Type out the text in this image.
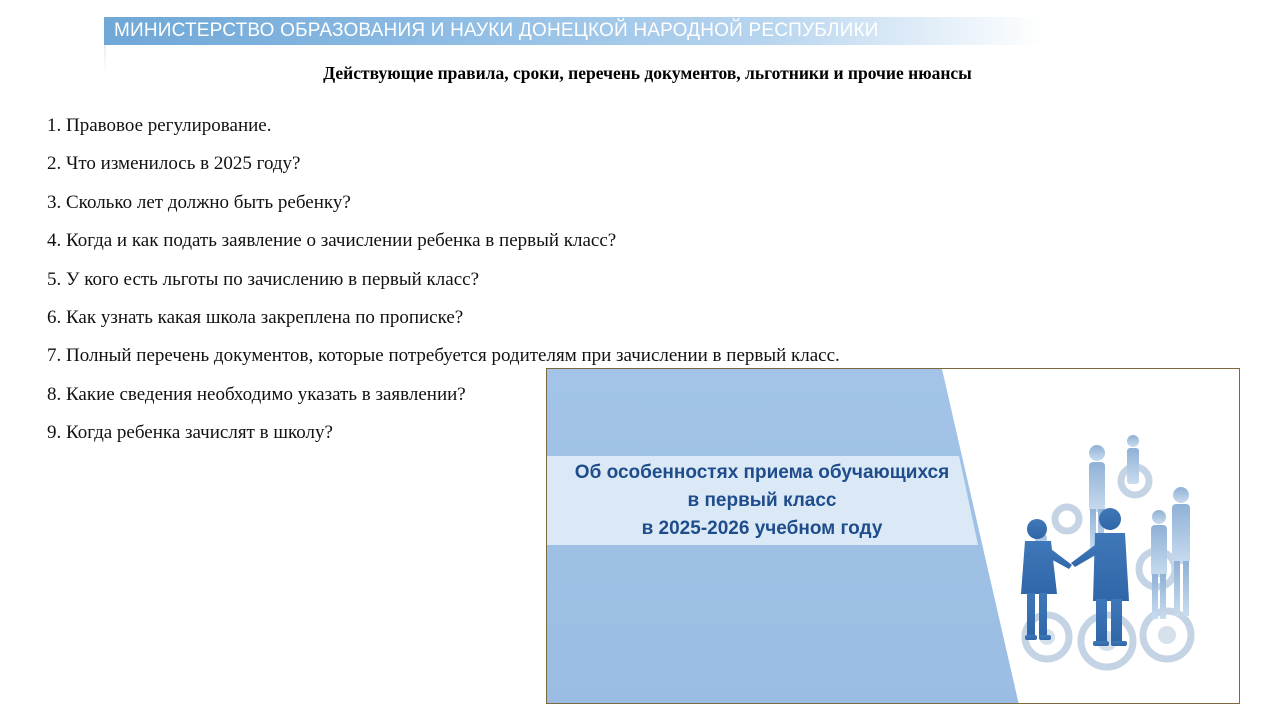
МИНИСТЕРСТВО ОБРАЗОВАНИЯ И НАУКИ ДОНЕЦКОЙ НАРОДНОЙ РЕСПУБЛИКИ
Действующие правила, сроки, перечень документов, льготники и прочие нюансы
1. Правовое регулирование.
2. Что изменилось в 2025 году?
3. Сколько лет должно быть ребенку?
4. Когда и как подать заявление о зачислении ребенка в первый класс?
5. У кого есть льготы по зачислению в первый класс?
6. Как узнать какая школа закреплена по прописке?
7. Полный перечень документов, которые потребуется родителям при зачислении в первый класс.
8. Какие сведения необходимо указать в заявлении?
9. Когда ребенка зачислят в школу?
Об особенностях приема обучающихся
в первый класс
в 2025-2026 учебном году
